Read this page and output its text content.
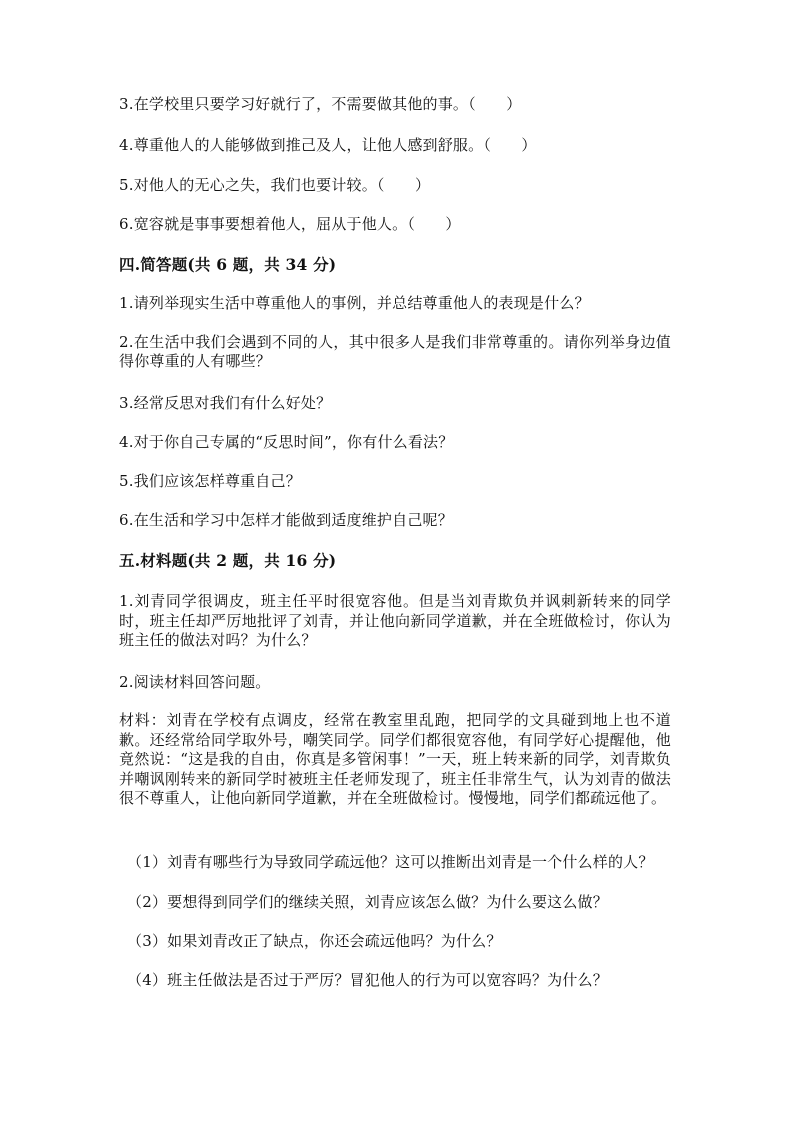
3.在学校里只要学习好就行了，不需要做其他的事。（　　）
4.尊重他人的人能够做到推己及人，让他人感到舒服。（　　）
5.对他人的无心之失，我们也要计较。（　　）
6.宽容就是事事要想着他人，屈从于他人。（　　）
四.简答题(共 6 题，共 34 分)
1.请列举现实生活中尊重他人的事例，并总结尊重他人的表现是什么？
2.在生活中我们会遇到不同的人，其中很多人是我们非常尊重的。请你列举身边值得你尊重的人有哪些？
3.经常反思对我们有什么好处？
4.对于你自己专属的“反思时间”，你有什么看法？
5.我们应该怎样尊重自己？
6.在生活和学习中怎样才能做到适度维护自己呢？
五.材料题(共 2 题，共 16 分)
1.刘青同学很调皮，班主任平时很宽容他。但是当刘青欺负并讽刺新转来的同学时，班主任却严厉地批评了刘青，并让他向新同学道歉，并在全班做检讨，你认为班主任的做法对吗？为什么？
2.阅读材料回答问题。
材料：刘青在学校有点调皮，经常在教室里乱跑，把同学的文具碰到地上也不道歉。还经常给同学取外号，嘲笑同学。同学们都很宽容他，有同学好心提醒他，他竟然说：“这是我的自由，你真是多管闲事！”一天，班上转来新的同学，刘青欺负并嘲讽刚转来的新同学时被班主任老师发现了，班主任非常生气，认为刘青的做法很不尊重人，让他向新同学道歉，并在全班做检讨。慢慢地，同学们都疏远他了。
（1）刘青有哪些行为导致同学疏远他？这可以推断出刘青是一个什么样的人？
（2）要想得到同学们的继续关照，刘青应该怎么做？为什么要这么做？
（3）如果刘青改正了缺点，你还会疏远他吗？为什么？
（4）班主任做法是否过于严厉？冒犯他人的行为可以宽容吗？为什么？
